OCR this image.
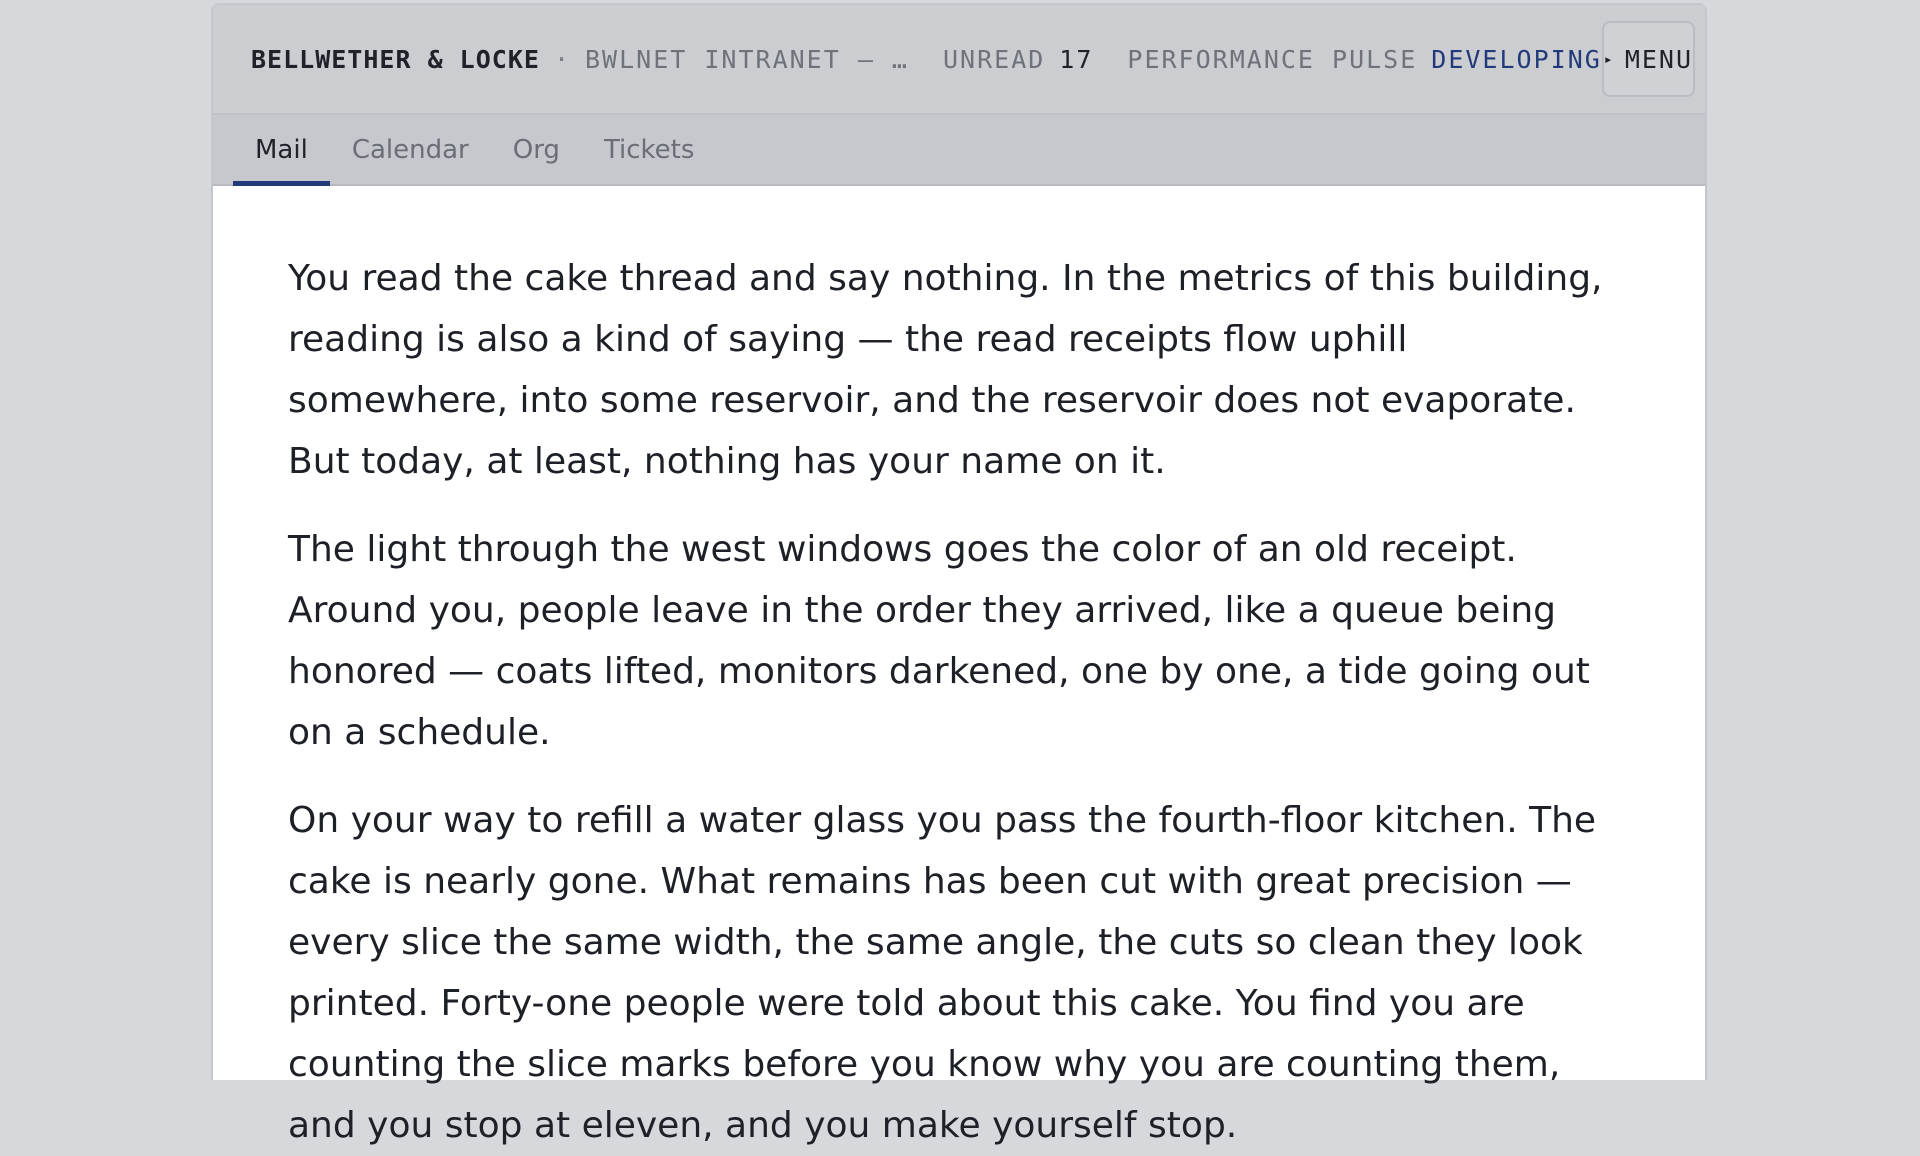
BELLWETHER & LOCKE · BWLNET INTRANET — … UNREAD 17 PERFORMANCE PULSE DEVELOPING ▸ MENU
Mail	Calendar	Org	Tickets

You read the cake thread and say nothing. In the metrics of this building, reading is also a kind of saying — the read receipts flow uphill somewhere, into some reservoir, and the reservoir does not evaporate. But today, at least, nothing has your name on it.

The light through the west windows goes the color of an old receipt. Around you, people leave in the order they arrived, like a queue being honored — coats lifted, monitors darkened, one by one, a tide going out on a schedule.

On your way to refill a water glass you pass the fourth-floor kitchen. The cake is nearly gone. What remains has been cut with great precision — every slice the same width, the same angle, the cuts so clean they look printed. Forty-one people were told about this cake. You find you are counting the slice marks before you know why you are counting them, and you stop at eleven, and you make yourself stop.
